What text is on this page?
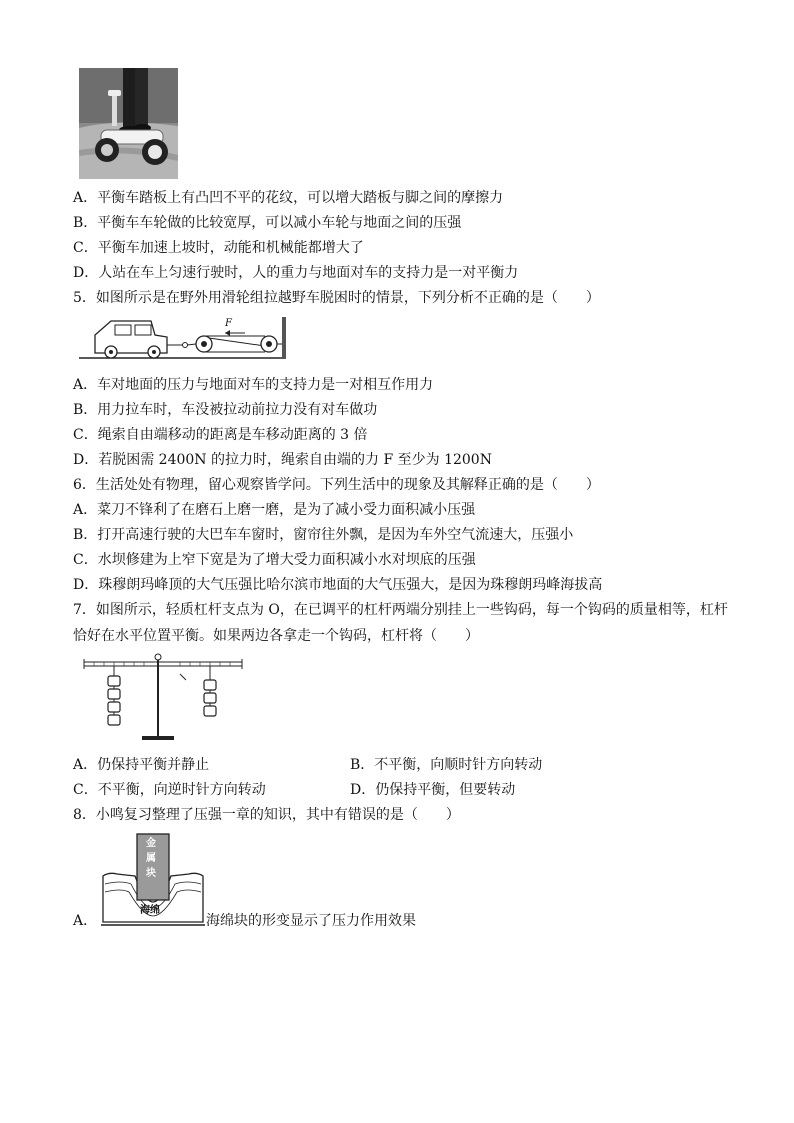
A．平衡车踏板上有凸凹不平的花纹，可以增大踏板与脚之间的摩擦力
B．平衡车车轮做的比较宽厚，可以减小车轮与地面之间的压强
C．平衡车加速上坡时，动能和机械能都增大了
D．人站在车上匀速行驶时，人的重力与地面对车的支持力是一对平衡力
5．如图所示是在野外用滑轮组拉越野车脱困时的情景，下列分析不正确的是（　　）
F
A．车对地面的压力与地面对车的支持力是一对相互作用力
B．用力拉车时，车没被拉动前拉力没有对车做功
C．绳索自由端移动的距离是车移动距离的 3 倍
D．若脱困需 2400N 的拉力时，绳索自由端的力 F 至少为 1200N
6．生活处处有物理，留心观察皆学问。下列生活中的现象及其解释正确的是（　　）
A．菜刀不锋利了在磨石上磨一磨，是为了减小受力面积减小压强
B．打开高速行驶的大巴车车窗时，窗帘往外飘，是因为车外空气流速大，压强小
C．水坝修建为上窄下宽是为了增大受力面积减小水对坝底的压强
D．珠穆朗玛峰顶的大气压强比哈尔滨市地面的大气压强大，是因为珠穆朗玛峰海拔高
7．如图所示，轻质杠杆支点为 O，在已调平的杠杆两端分别挂上一些钩码，每一个钩码的质量相等，杠杆
恰好在水平位置平衡。如果两边各拿走一个钩码，杠杆将（　　）
A．仍保持平衡并静止	B．不平衡，向顺时针方向转动
C．不平衡，向逆时针方向转动	D．仍保持平衡，但要转动
8．小鸣复习整理了压强一章的知识，其中有错误的是（　　）
金
属
块
海绵
A．	海绵块的形变显示了压力作用效果
